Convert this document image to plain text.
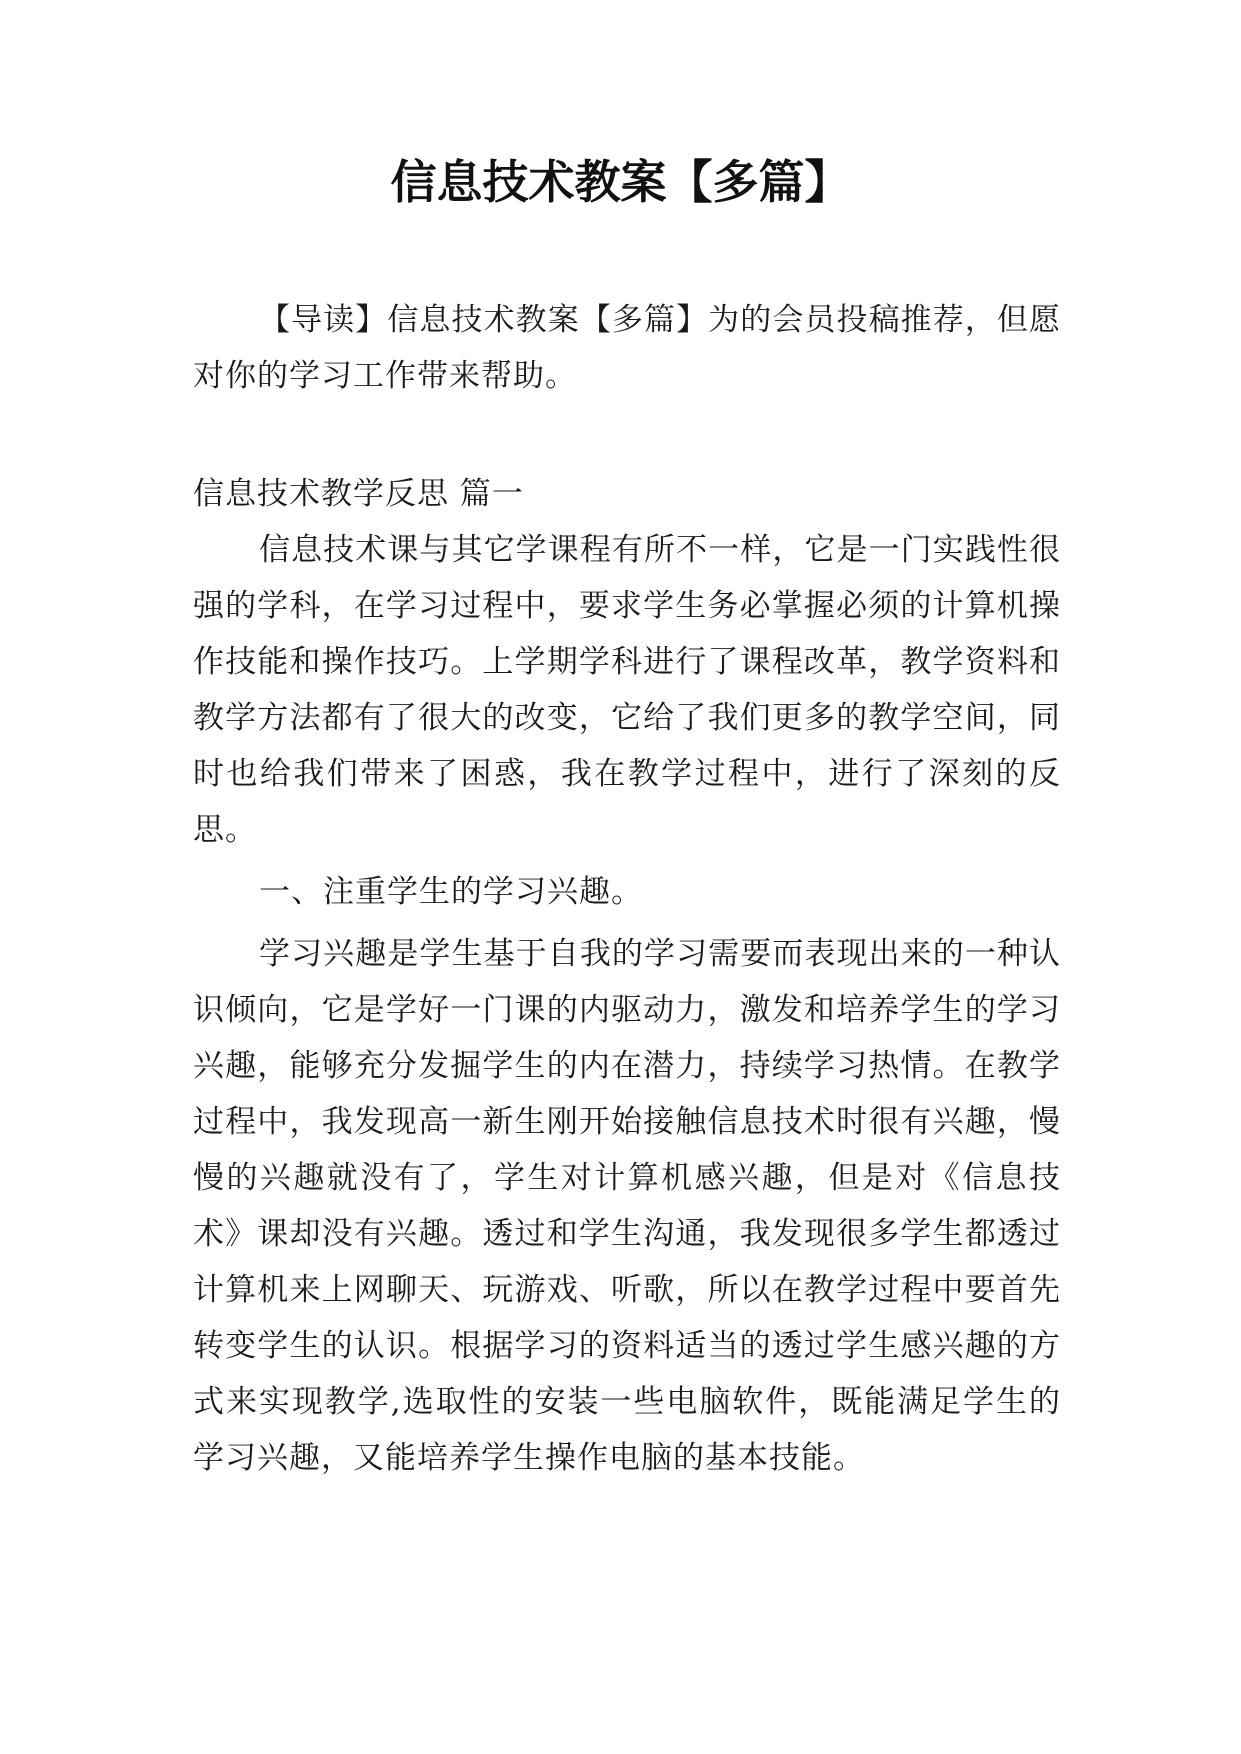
信息技术教案【多篇】

【导读】信息技术教案【多篇】为的会员投稿推荐，但愿对你的学习工作带来帮助。

信息技术教学反思 篇一

信息技术课与其它学课程有所不一样，它是一门实践性很强的学科，在学习过程中，要求学生务必掌握必须的计算机操作技能和操作技巧。上学期学科进行了课程改革，教学资料和教学方法都有了很大的改变，它给了我们更多的教学空间，同时也给我们带来了困惑，我在教学过程中，进行了深刻的反思。

一、注重学生的学习兴趣。

学习兴趣是学生基于自我的学习需要而表现出来的一种认识倾向，它是学好一门课的内驱动力，激发和培养学生的学习兴趣，能够充分发掘学生的内在潜力，持续学习热情。在教学过程中，我发现高一新生刚开始接触信息技术时很有兴趣，慢慢的兴趣就没有了，学生对计算机感兴趣，但是对《信息技术》课却没有兴趣。透过和学生沟通，我发现很多学生都透过计算机来上网聊天、玩游戏、听歌，所以在教学过程中要首先转变学生的认识。根据学习的资料适当的透过学生感兴趣的方式来实现教学,选取性的安装一些电脑软件，既能满足学生的学习兴趣，又能培养学生操作电脑的基本技能。
